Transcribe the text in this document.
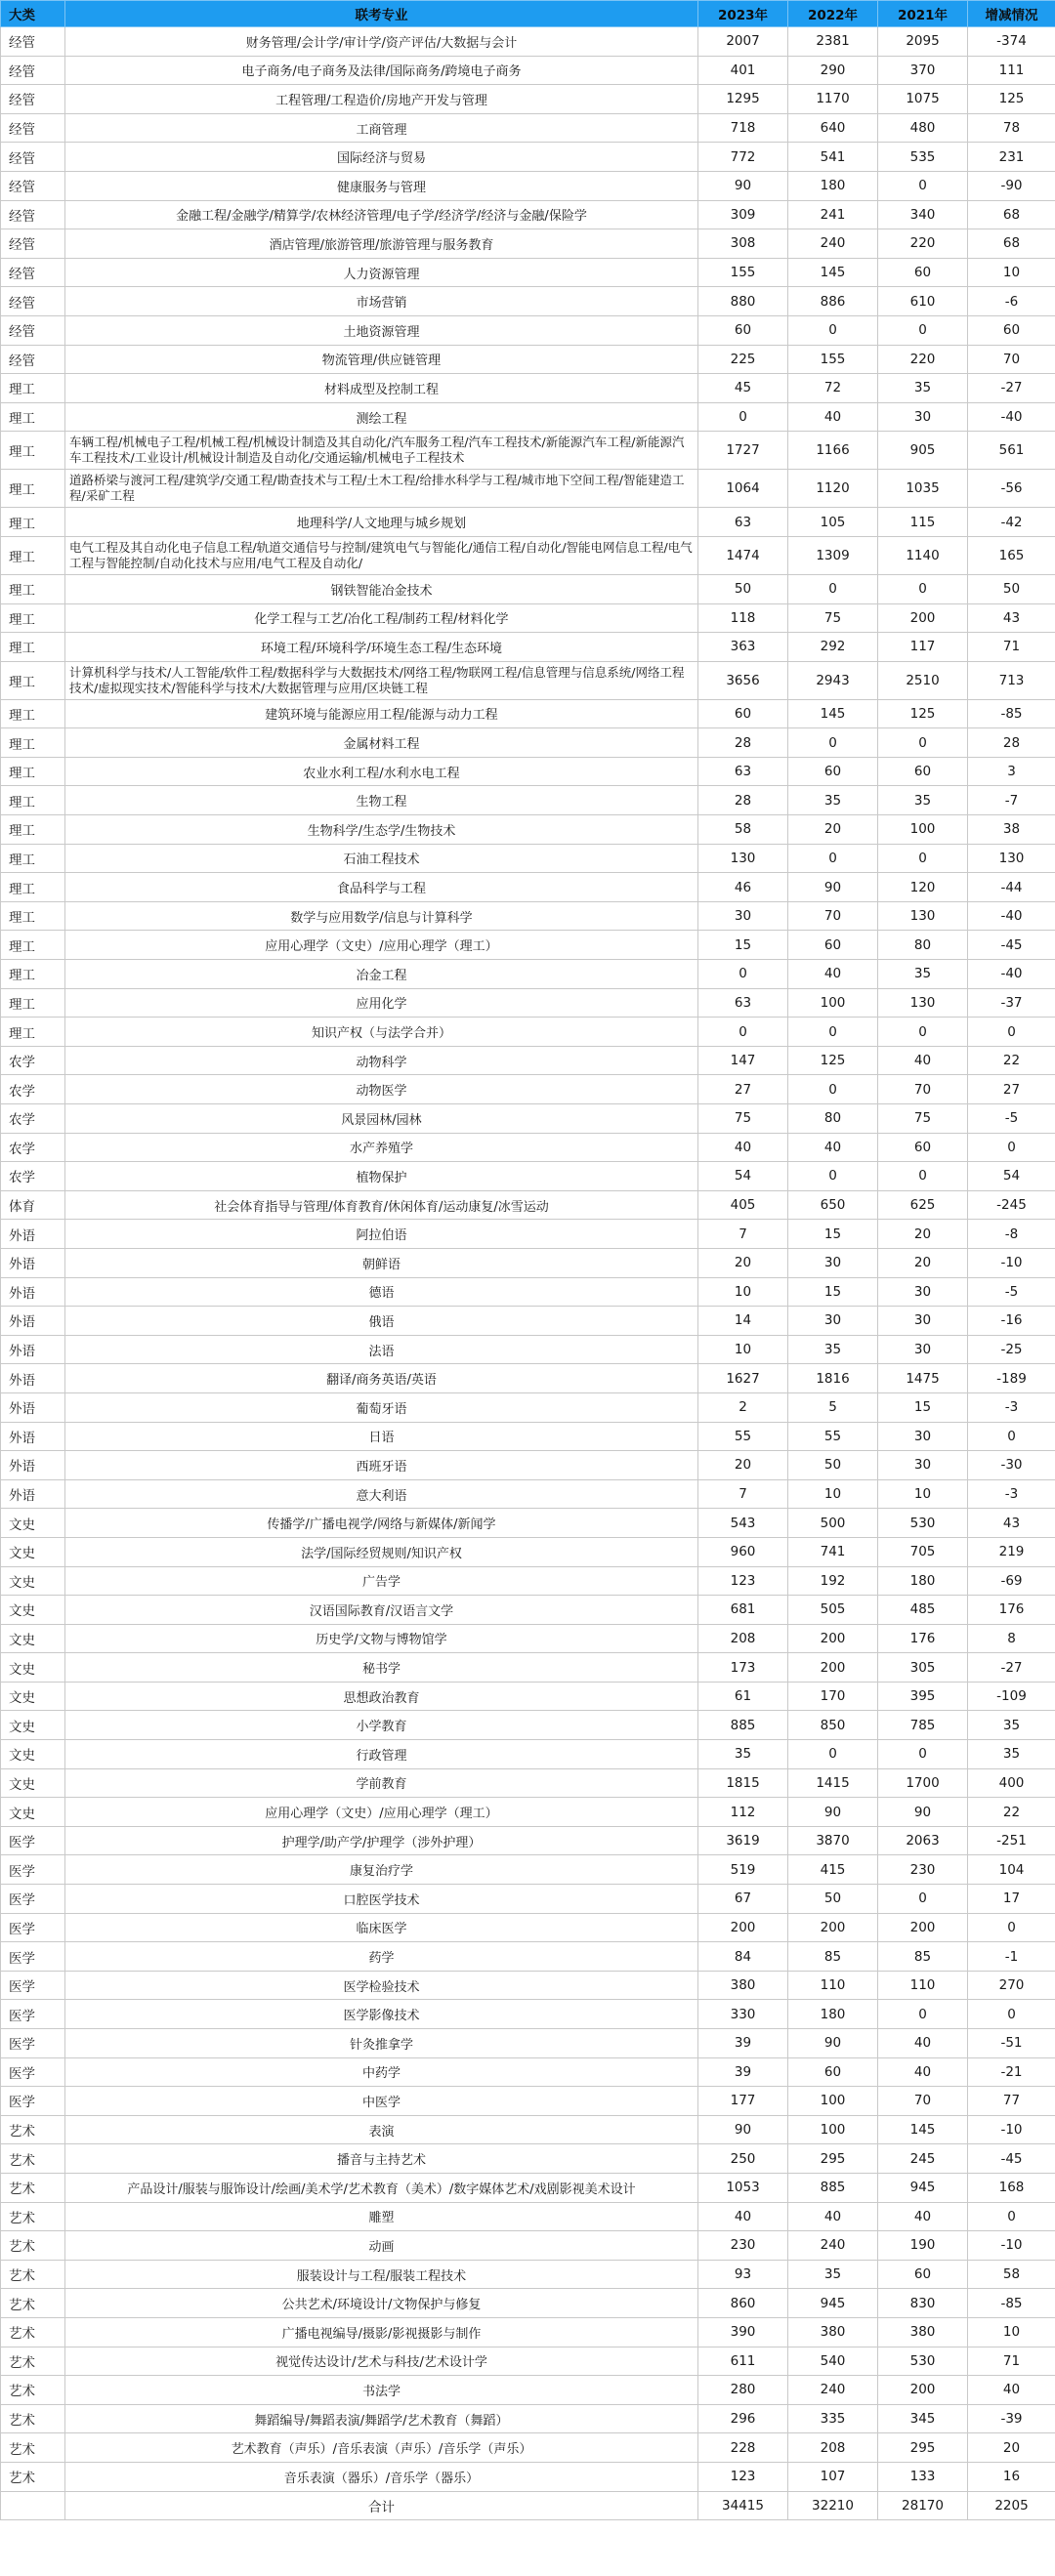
大类	联考专业	2023年	2022年	2021年	增减情况
经管	财务管理/会计学/审计学/资产评估/大数据与会计	2007	2381	2095	-374
经管	电子商务/电子商务及法律/国际商务/跨境电子商务	401	290	370	111
经管	工程管理/工程造价/房地产开发与管理	1295	1170	1075	125
经管	工商管理	718	640	480	78
经管	国际经济与贸易	772	541	535	231
经管	健康服务与管理	90	180	0	-90
经管	金融工程/金融学/精算学/农林经济管理/电子学/经济学/经济与金融/保险学	309	241	340	68
经管	酒店管理/旅游管理/旅游管理与服务教育	308	240	220	68
经管	人力资源管理	155	145	60	10
经管	市场营销	880	886	610	-6
经管	土地资源管理	60	0	0	60
经管	物流管理/供应链管理	225	155	220	70
理工	材料成型及控制工程	45	72	35	-27
理工	测绘工程	0	40	30	-40
理工	车辆工程/机械电子工程/机械工程/机械设计制造及其自动化/汽车服务工程/汽车工程技术/新能源汽车工程/新能源汽车工程技术/工业设计/机械设计制造及自动化/交通运输/机械电子工程技术	1727	1166	905	561
理工	道路桥梁与渡河工程/建筑学/交通工程/勘查技术与工程/土木工程/给排水科学与工程/城市地下空间工程/智能建造工程/采矿工程	1064	1120	1035	-56
理工	地理科学/人文地理与城乡规划	63	105	115	-42
理工	电气工程及其自动化电子信息工程/轨道交通信号与控制/建筑电气与智能化/通信工程/自动化/智能电网信息工程/电气工程与智能控制/自动化技术与应用/电气工程及自动化/	1474	1309	1140	165
理工	钢铁智能冶金技术	50	0	0	50
理工	化学工程与工艺/冶化工程/制药工程/材料化学	118	75	200	43
理工	环境工程/环境科学/环境生态工程/生态环境	363	292	117	71
理工	计算机科学与技术/人工智能/软件工程/数据科学与大数据技术/网络工程/物联网工程/信息管理与信息系统/网络工程技术/虚拟现实技术/智能科学与技术/大数据管理与应用/区块链工程	3656	2943	2510	713
理工	建筑环境与能源应用工程/能源与动力工程	60	145	125	-85
理工	金属材料工程	28	0	0	28
理工	农业水利工程/水利水电工程	63	60	60	3
理工	生物工程	28	35	35	-7
理工	生物科学/生态学/生物技术	58	20	100	38
理工	石油工程技术	130	0	0	130
理工	食品科学与工程	46	90	120	-44
理工	数学与应用数学/信息与计算科学	30	70	130	-40
理工	应用心理学（文史）/应用心理学（理工）	15	60	80	-45
理工	冶金工程	0	40	35	-40
理工	应用化学	63	100	130	-37
理工	知识产权（与法学合并）	0	0	0	0
农学	动物科学	147	125	40	22
农学	动物医学	27	0	70	27
农学	风景园林/园林	75	80	75	-5
农学	水产养殖学	40	40	60	0
农学	植物保护	54	0	0	54
体育	社会体育指导与管理/体育教育/休闲体育/运动康复/冰雪运动	405	650	625	-245
外语	阿拉伯语	7	15	20	-8
外语	朝鲜语	20	30	20	-10
外语	德语	10	15	30	-5
外语	俄语	14	30	30	-16
外语	法语	10	35	30	-25
外语	翻译/商务英语/英语	1627	1816	1475	-189
外语	葡萄牙语	2	5	15	-3
外语	日语	55	55	30	0
外语	西班牙语	20	50	30	-30
外语	意大利语	7	10	10	-3
文史	传播学/广播电视学/网络与新媒体/新闻学	543	500	530	43
文史	法学/国际经贸规则/知识产权	960	741	705	219
文史	广告学	123	192	180	-69
文史	汉语国际教育/汉语言文学	681	505	485	176
文史	历史学/文物与博物馆学	208	200	176	8
文史	秘书学	173	200	305	-27
文史	思想政治教育	61	170	395	-109
文史	小学教育	885	850	785	35
文史	行政管理	35	0	0	35
文史	学前教育	1815	1415	1700	400
文史	应用心理学（文史）/应用心理学（理工）	112	90	90	22
医学	护理学/助产学/护理学（涉外护理）	3619	3870	2063	-251
医学	康复治疗学	519	415	230	104
医学	口腔医学技术	67	50	0	17
医学	临床医学	200	200	200	0
医学	药学	84	85	85	-1
医学	医学检验技术	380	110	110	270
医学	医学影像技术	330	180	0	0
医学	针灸推拿学	39	90	40	-51
医学	中药学	39	60	40	-21
医学	中医学	177	100	70	77
艺术	表演	90	100	145	-10
艺术	播音与主持艺术	250	295	245	-45
艺术	产品设计/服装与服饰设计/绘画/美术学/艺术教育（美术）/数字媒体艺术/戏剧影视美术设计	1053	885	945	168
艺术	雕塑	40	40	40	0
艺术	动画	230	240	190	-10
艺术	服装设计与工程/服装工程技术	93	35	60	58
艺术	公共艺术/环境设计/文物保护与修复	860	945	830	-85
艺术	广播电视编导/摄影/影视摄影与制作	390	380	380	10
艺术	视觉传达设计/艺术与科技/艺术设计学	611	540	530	71
艺术	书法学	280	240	200	40
艺术	舞蹈编导/舞蹈表演/舞蹈学/艺术教育（舞蹈）	296	335	345	-39
艺术	艺术教育（声乐）/音乐表演（声乐）/音乐学（声乐）	228	208	295	20
艺术	音乐表演（器乐）/音乐学（器乐）	123	107	133	16
	合计	34415	32210	28170	2205
